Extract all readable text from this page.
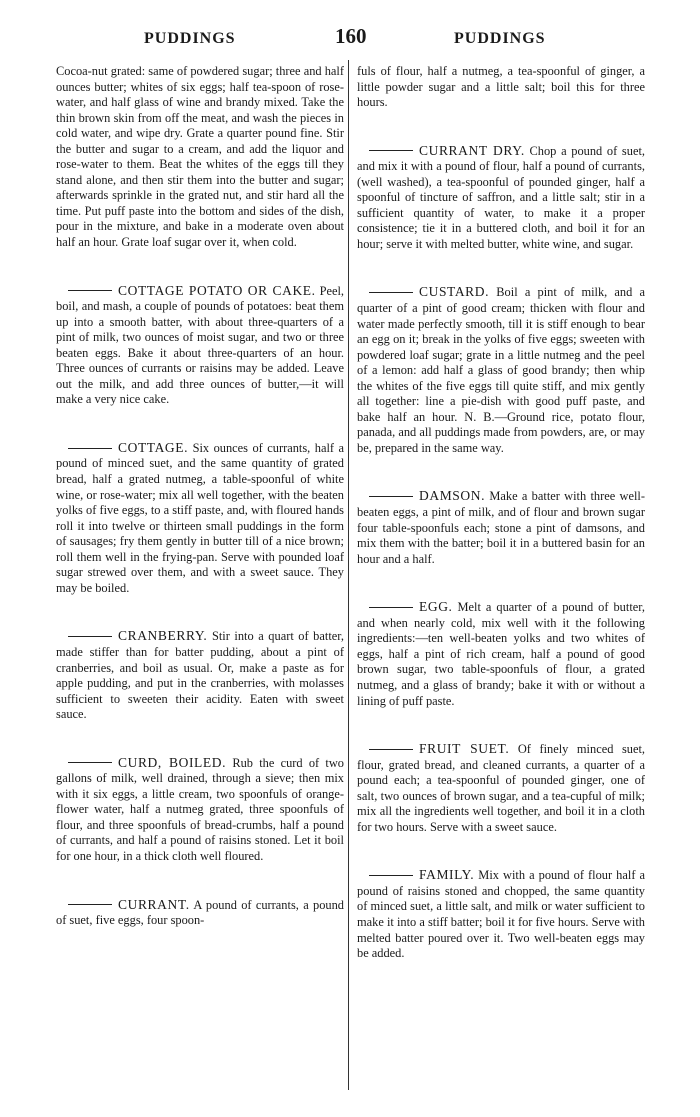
PUDDINGS	160	PUDDINGS

Cocoa-nut grated: same of powdered sugar; three and half ounces butter; whites of six eggs; half tea-spoon of rose-water, and half glass of wine and brandy mixed. Take the thin brown skin from off the meat, and wash the pieces in cold water, and wipe dry. Grate a quarter pound fine. Stir the butter and sugar to a cream, and add the liquor and rose-water to them. Beat the whites of the eggs till they stand alone, and then stir them into the butter and sugar; afterwards sprinkle in the grated nut, and stir hard all the time. Put puff paste into the bottom and sides of the dish, pour in the mixture, and bake in a moderate oven about half an hour. Grate loaf sugar over it, when cold.

COTTAGE POTATO OR CAKE. Peel, boil, and mash, a couple of pounds of potatoes: beat them up into a smooth batter, with about three-quarters of a pint of milk, two ounces of moist sugar, and two or three beaten eggs. Bake it about three-quarters of an hour. Three ounces of currants or raisins may be added. Leave out the milk, and add three ounces of butter,—it will make a very nice cake.

COTTAGE. Six ounces of currants, half a pound of minced suet, and the same quantity of grated bread, half a grated nutmeg, a table-spoonful of white wine, or rose-water; mix all well together, with the beaten yolks of five eggs, to a stiff paste, and, with floured hands roll it into twelve or thirteen small puddings in the form of sausages; fry them gently in butter till of a nice brown; roll them well in the frying-pan. Serve with pounded loaf sugar strewed over them, and with a sweet sauce. They may be boiled.

CRANBERRY. Stir into a quart of batter, made stiffer than for batter pudding, about a pint of cranberries, and boil as usual. Or, make a paste as for apple pudding, and put in the cranberries, with molasses sufficient to sweeten their acidity. Eaten with sweet sauce.

CURD, BOILED. Rub the curd of two gallons of milk, well drained, through a sieve; then mix with it six eggs, a little cream, two spoonfuls of orange-flower water, half a nutmeg grated, three spoonfuls of flour, and three spoonfuls of bread-crumbs, half a pound of currants, and half a pound of raisins stoned. Let it boil for one hour, in a thick cloth well floured.

CURRANT. A pound of currants, a pound of suet, five eggs, four spoon-

fuls of flour, half a nutmeg, a tea-spoonful of ginger, a little powder sugar and a little salt; boil this for three hours.

CURRANT DRY. Chop a pound of suet, and mix it with a pound of flour, half a pound of currants, (well washed), a tea-spoonful of pounded ginger, half a spoonful of tincture of saffron, and a little salt; stir in a sufficient quantity of water, to make it a proper consistence; tie it in a buttered cloth, and boil it for an hour; serve it with melted butter, white wine, and sugar.

CUSTARD. Boil a pint of milk, and a quarter of a pint of good cream; thicken with flour and water made perfectly smooth, till it is stiff enough to bear an egg on it; break in the yolks of five eggs; sweeten with powdered loaf sugar; grate in a little nutmeg and the peel of a lemon: add half a glass of good brandy; then whip the whites of the five eggs till quite stiff, and mix gently all together: line a pie-dish with good puff paste, and bake half an hour. N. B.—Ground rice, potato flour, panada, and all puddings made from powders, are, or may be, prepared in the same way.

DAMSON. Make a batter with three well-beaten eggs, a pint of milk, and of flour and brown sugar four table-spoonfuls each; stone a pint of damsons, and mix them with the batter; boil it in a buttered basin for an hour and a half.

EGG. Melt a quarter of a pound of butter, and when nearly cold, mix well with it the following ingredients:—ten well-beaten yolks and two whites of eggs, half a pint of rich cream, half a pound of good brown sugar, two table-spoonfuls of flour, a grated nutmeg, and a glass of brandy; bake it with or without a lining of puff paste.

FRUIT SUET. Of finely minced suet, flour, grated bread, and cleaned currants, a quarter of a pound each; a tea-spoonful of pounded ginger, one of salt, two ounces of brown sugar, and a tea-cupful of milk; mix all the ingredients well together, and boil it in a cloth for two hours. Serve with a sweet sauce.

FAMILY. Mix with a pound of flour half a pound of raisins stoned and chopped, the same quantity of minced suet, a little salt, and milk or water sufficient to make it into a stiff batter; boil it for five hours. Serve with melted batter poured over it. Two well-beaten eggs may be added.
